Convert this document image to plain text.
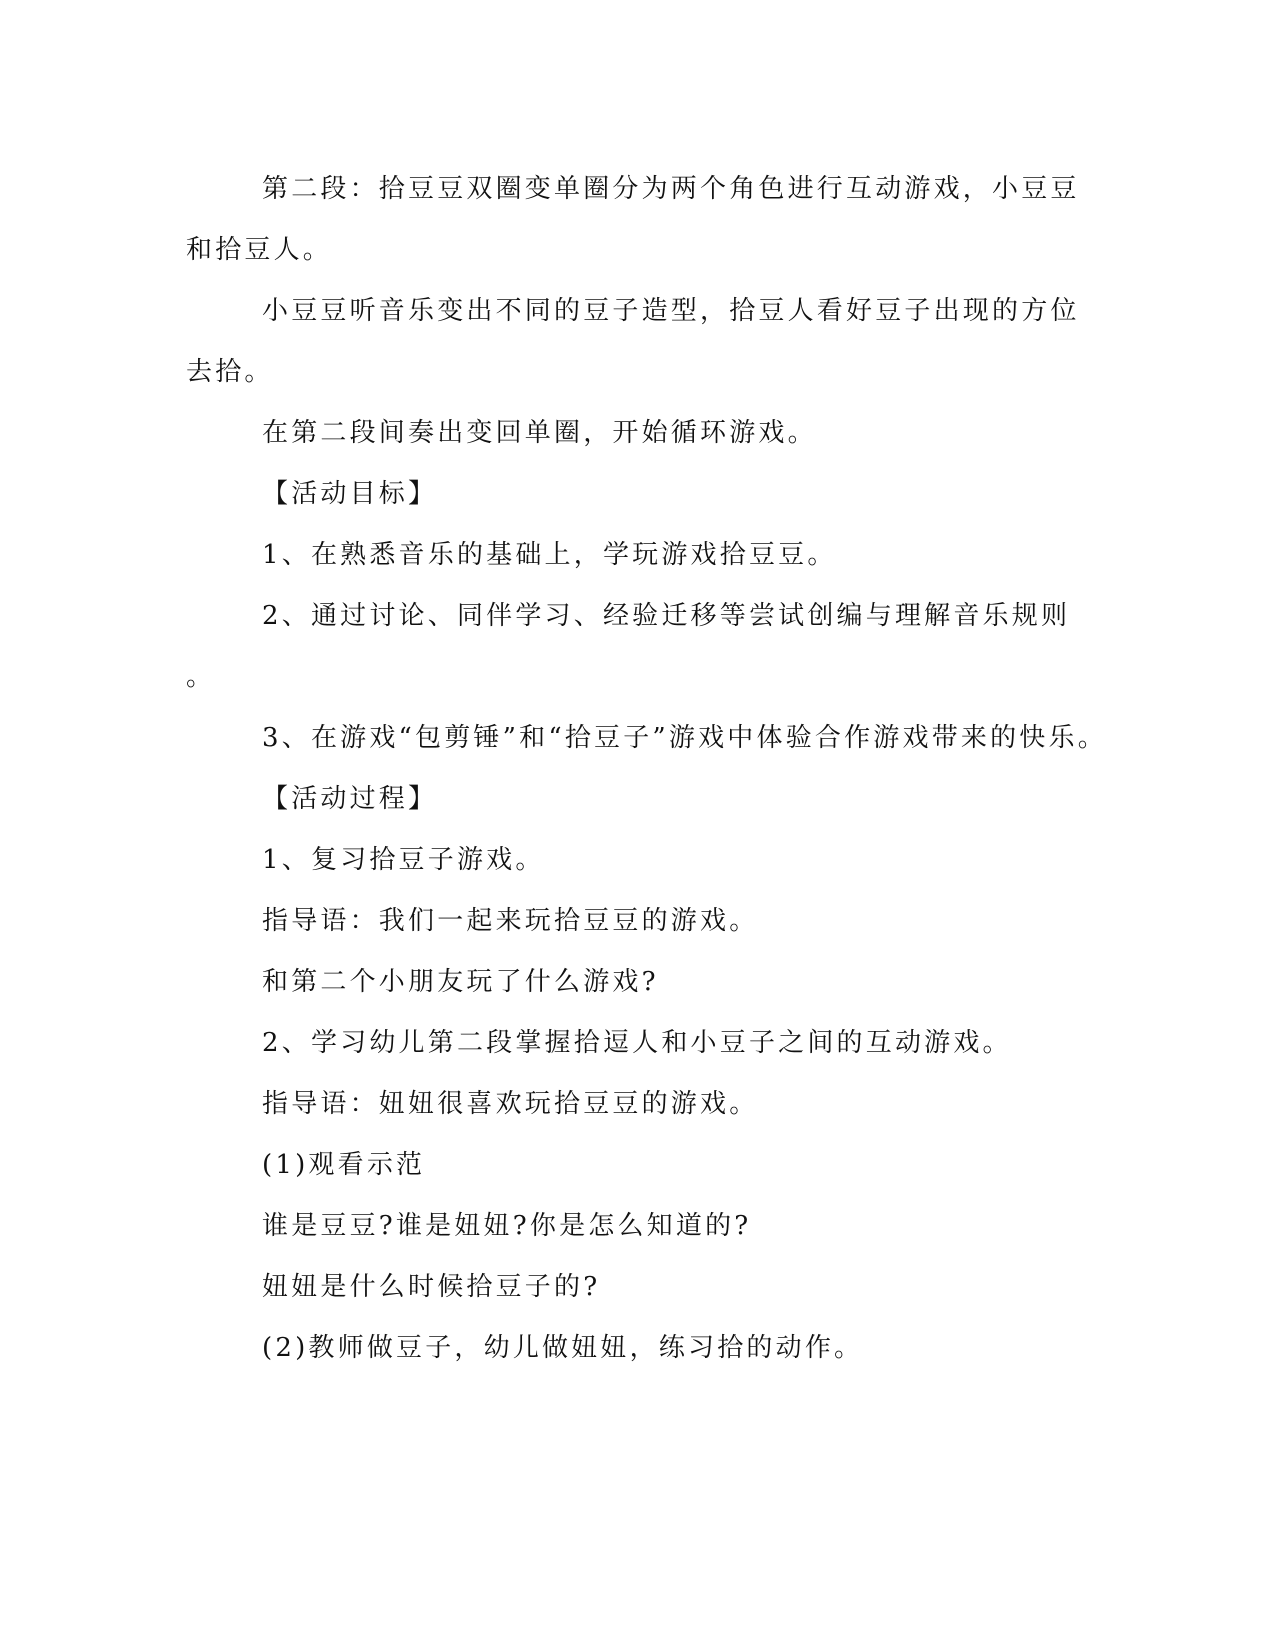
第二段：拾豆豆双圈变单圈分为两个角色进行互动游戏，小豆豆
和拾豆人。
小豆豆听音乐变出不同的豆子造型，拾豆人看好豆子出现的方位
去拾。
在第二段间奏出变回单圈，开始循环游戏。
【活动目标】
1、在熟悉音乐的基础上，学玩游戏拾豆豆。
2、通过讨论、同伴学习、经验迁移等尝试创编与理解音乐规则
。
3、在游戏“包剪锤”和“拾豆子”游戏中体验合作游戏带来的快乐。
【活动过程】
1、复习拾豆子游戏。
指导语：我们一起来玩拾豆豆的游戏。
和第二个小朋友玩了什么游戏?
2、学习幼儿第二段掌握拾逗人和小豆子之间的互动游戏。
指导语：妞妞很喜欢玩拾豆豆的游戏。
(1)观看示范
谁是豆豆?谁是妞妞?你是怎么知道的?
妞妞是什么时候拾豆子的?
(2)教师做豆子，幼儿做妞妞，练习拾的动作。
